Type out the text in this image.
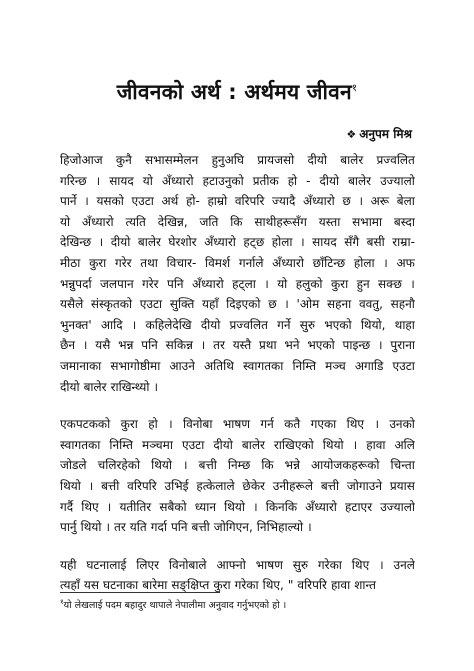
जीवनको अर्थ : अर्थमय जीवन$^१$
❖ अनुपम मिश्र
हिजोआज कुनै सभासम्मेलन हुनुअघि प्रायजसो दीयो बालेर प्रज्वलित
गरिन्छ । सायद यो अँध्यारो हटाउनुको प्रतीक हो - दीयो बालेर उज्यालो
पार्ने । यसको एउटा अर्थ हो- हाम्रो वरिपरि ज्यादै अँध्यारो छ । अरू बेला
यो अँध्यारो त्यति देखिन्न, जति कि साथीहरूसँग यस्ता सभामा बस्दा
देखिन्छ । दीयो बालेर घेरशोर अँध्यारो हट्छ होला । सायद सँगै बसी राम्रा-
मीठा कुरा गरेर तथा विचार- विमर्श गर्नाले अँध्यारो छाँटिन्छ होला । अफ
भन्नुपर्दा जलपान गरेर पनि अँध्यारो हट्ला । यो हलुको कुरा हुन सक्छ ।
यसैले संस्कृतको एउटा सुक्ति यहाँ दिइएको छ । 'ओम सहना ववतु, सहनौ
भुनक्त' आदि । कहिलेदेखि दीयो प्रज्वलित गर्ने सुरु भएको थियो, थाहा
छैन । यसै भन्न पनि सकिन्न । तर यस्तै प्रथा भने भएको पाइन्छ । पुराना
जमानाका सभागोष्ठीमा आउने अतिथि स्वागतका निम्ति मञ्च अगाडि एउटा
दीयो बालेर राखिन्थ्यो ।
एकपटकको कुरा हो । विनोबा भाषण गर्न कतै गएका थिए । उनको
स्वागतका निम्ति मञ्चमा एउटा दीयो बालेर राखिएको थियो । हावा अलि
जोडले चलिरहेको थियो । बत्ती निम्छ कि भन्ने आयोजकहरूको चिन्ता
थियो । बत्ती वरिपरि उभिई हत्केलाले छेकेर उनीहरूले बत्ती जोगाउने प्रयास
गर्दै थिए । यतीतिर सबैको ध्यान थियो । किनकि अँध्यारो हटाएर उज्यालो
पार्नु थियो । तर यति गर्दा पनि बत्ती जोगिएन, निभिहाल्यो ।
यही घटनालाई लिएर विनोबाले आफ्नो भाषण सुरु गरेका थिए । उनले
त्यहाँ यस घटनाका बारेमा सङ्क्षिप्त कुरा गरेका थिए, " वरिपरि हावा शान्त
$^१$यो लेखलाई पदम बहादुर थापाले नेपालीमा अनुवाद गर्नुभएको हो ।
